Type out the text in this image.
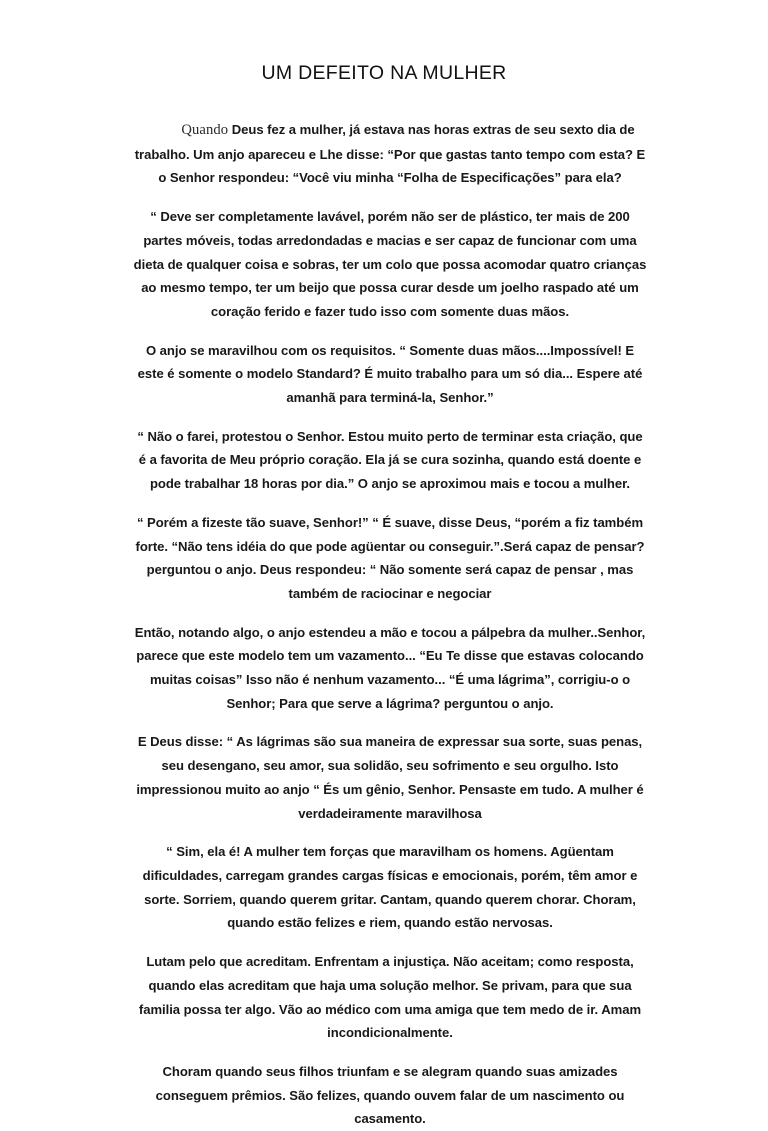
UM DEFEITO NA MULHER

Quando Deus fez a mulher, já estava nas horas extras de seu sexto dia de trabalho. Um anjo apareceu e Lhe disse: “Por que gastas tanto tempo com esta? E o Senhor respondeu: “Você viu minha “Folha de Especificações” para ela?

“ Deve ser completamente lavável, porém não ser de plástico, ter mais de 200 partes móveis, todas arredondadas e macias e ser capaz de funcionar com uma dieta de qualquer coisa e sobras, ter um colo que possa acomodar quatro crianças ao mesmo tempo, ter um beijo que possa curar desde um joelho raspado até um coração ferido e fazer tudo isso com somente duas mãos.

O anjo se maravilhou com os requisitos. “ Somente duas mãos....Impossível! E este é somente o modelo Standard? É muito trabalho para um só dia... Espere até amanhã para terminá-la, Senhor.”

“ Não o farei, protestou o Senhor. Estou muito perto de terminar esta criação, que é a favorita de Meu próprio coração. Ela já se cura sozinha, quando está doente e pode trabalhar 18 horas por dia.” O anjo se aproximou mais e tocou a mulher.

“ Porém a fizeste tão suave, Senhor!” “ É suave, disse Deus, “porém a fiz também forte. “Não tens idéia do que pode agüentar ou conseguir.”.Será capaz de pensar? perguntou o anjo. Deus respondeu: “ Não somente será capaz de pensar , mas também de raciocinar e negociar

Então, notando algo, o anjo estendeu a mão e tocou a pálpebra da mulher..Senhor, parece que este modelo tem um vazamento... “Eu Te disse que estavas colocando muitas coisas” Isso não é nenhum vazamento... “É uma lágrima”, corrigiu-o o Senhor; Para que serve a lágrima? perguntou o anjo.

E Deus disse: “ As lágrimas são sua maneira de expressar sua sorte, suas penas, seu desengano, seu amor, sua solidão, seu sofrimento e seu orgulho. Isto impressionou muito ao anjo “ És um gênio, Senhor. Pensaste em tudo. A mulher é verdadeiramente maravilhosa

“ Sim, ela é! A mulher tem forças que maravilham os homens. Agüentam dificuldades, carregam grandes cargas físicas e emocionais, porém, têm amor e sorte. Sorriem, quando querem gritar. Cantam, quando querem chorar. Choram, quando estão felizes e riem, quando estão nervosas.

Lutam pelo que acreditam. Enfrentam a injustiça. Não aceitam; como resposta, quando elas acreditam que haja uma solução melhor. Se privam, para que sua familia possa ter algo. Vão ao médico com uma amiga que tem medo de ir. Amam incondicionalmente.

Choram quando seus filhos triunfam e se alegram quando suas amizades conseguem prêmios. São felizes, quando ouvem falar de um nascimento ou casamento.
